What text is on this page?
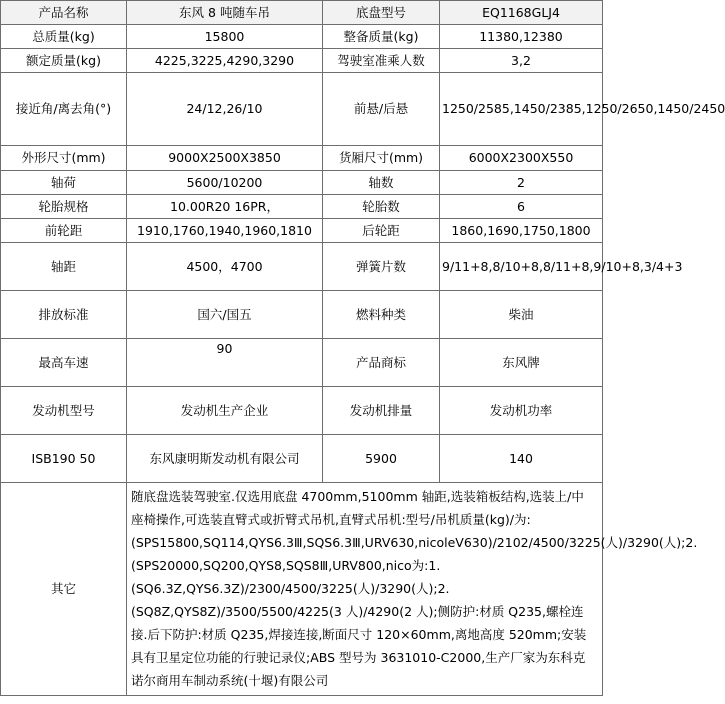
产品名称	东风 8 吨随车吊	底盘型号	EQ1168GLJ4
总质量(kg)	15800	整备质量(kg)	11380,12380
额定质量(kg)	4225,3225,4290,3290	驾驶室准乘人数	3,2
接近角/离去角(°)	24/12,26/10	前悬/后悬	1250/2585,1450/2385,1250/2650,1450/2450
外形尺寸(mm)	9000X2500X3850	货厢尺寸(mm)	6000X2300X550
轴荷	5600/10200	轴数	2
轮胎规格	10.00R20 16PR，	轮胎数	6
前轮距	1910,1760,1940,1960,1810	后轮距	1860,1690,1750,1800
轴距	4500，4700	弹簧片数	9/11+8,8/10+8,8/11+8,9/10+8,3/4+3
排放标准	国六/国五	燃料种类	柴油
最高车速	90	产品商标	东风牌
发动机型号	发动机生产企业	发动机排量	发动机功率
ISB190 50	东风康明斯发动机有限公司	5900	140
其它	随底盘选装驾驶室.仅选用底盘 4700mm,5100mm 轴距,选装箱板结构,选装上/中座椅操作,可选装直臂式或折臂式吊机,直臂式吊机:型号/吊机质量(kg)/为:(SPS15800,SQ114,QYS6.3Ⅲ,SQS6.3Ⅲ,URV630,nicoleV630)/2102/4500/3225(人)/3290(人);2.(SPS20000,SQ200,QYS8,SQS8Ⅲ,URV800,nico为:1.(SQ6.3Z,QYS6.3Z)/2300/4500/3225(人)/3290(人);2.(SQ8Z,QYS8Z)/3500/5500/4225(3 人)/4290(2 人);侧防护:材质 Q235,螺栓连接.后下防护:材质 Q235,焊接连接,断面尺寸 120×60mm,离地高度 520mm;安装具有卫星定位功能的行驶记录仪;ABS 型号为 3631010-C2000,生产厂家为东科克诺尔商用车制动系统(十堰)有限公司		
